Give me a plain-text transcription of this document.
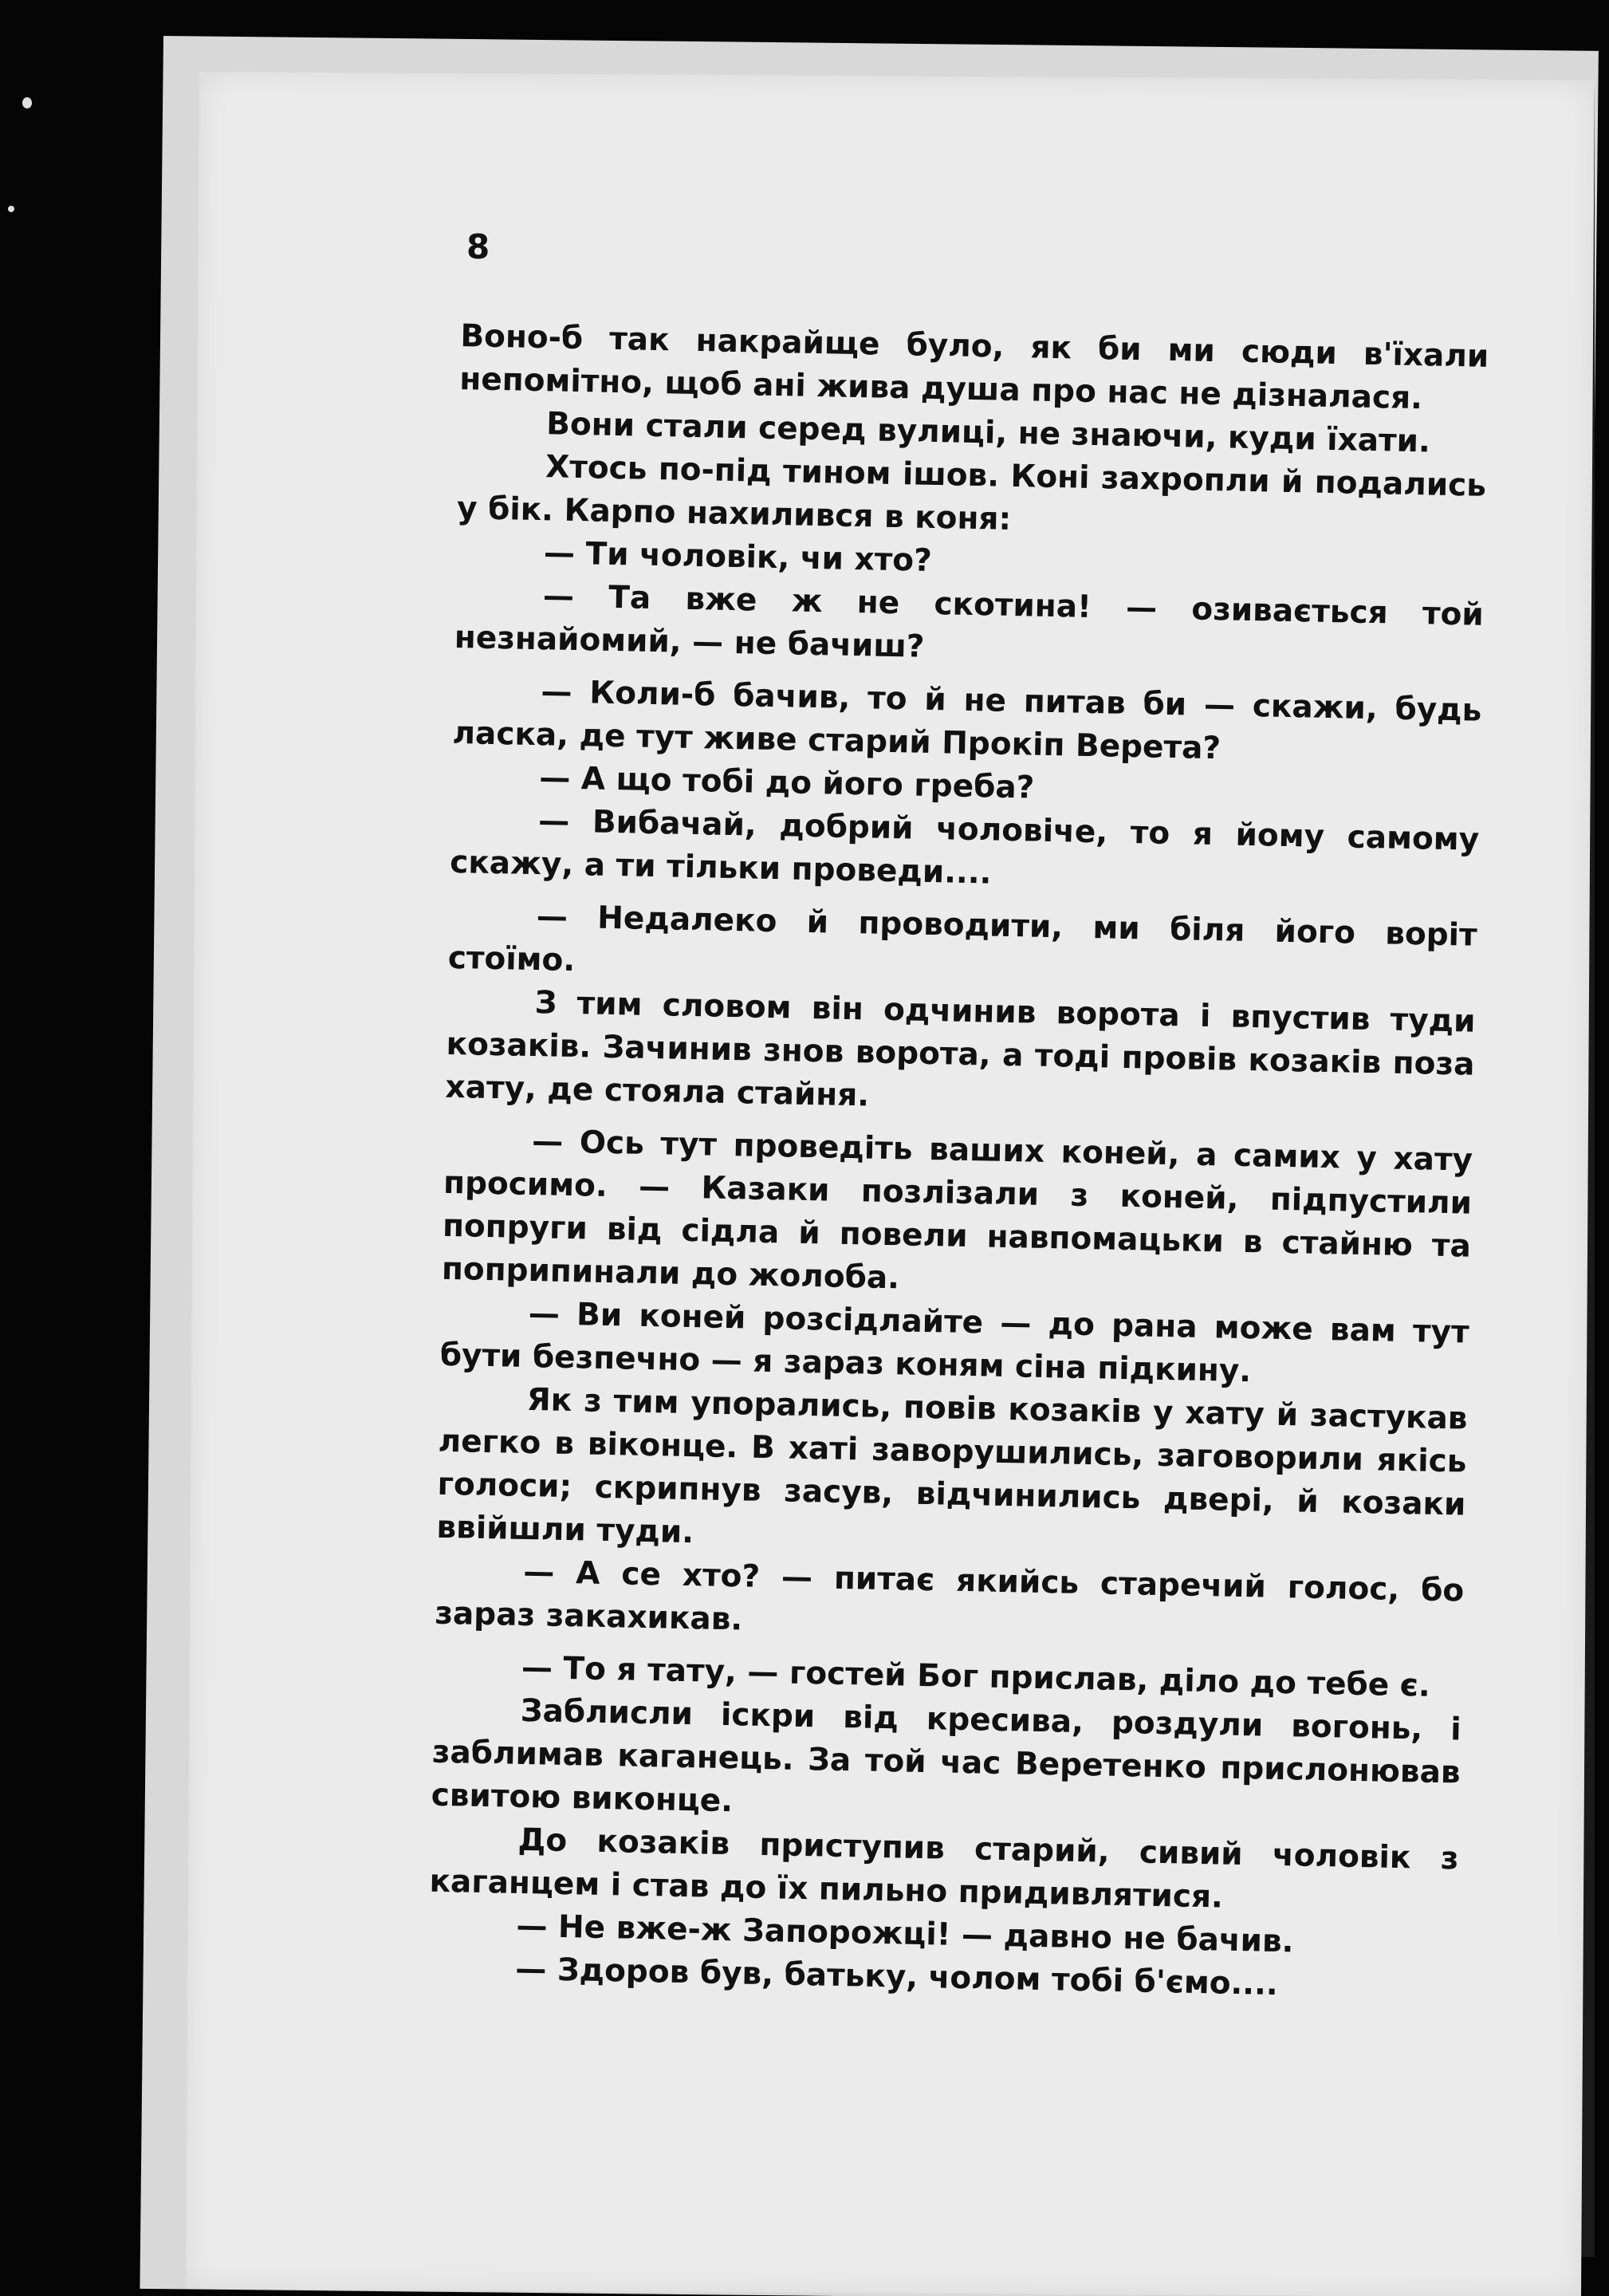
8

Воно-б так накрайще було, як би ми сюди в'їхали непомітно, щоб ані жива душа про нас не дізналася.

Вони стали серед вулиці, не знаючи, куди їхати.

Хтось по-під тином ішов. Коні захропли й подались у бік. Карпо нахилився в коня:

— Ти чоловік, чи хто?

— Та вже ж не скотина! — озивається той незнайомий, — не бачиш?

— Коли-б бачив, то й не питав би — скажи, будь ласка, де тут живе старий Прокіп Верета?

— А що тобі до його греба?

— Вибачай, добрий чоловіче, то я йому самому скажу, а ти тільки проведи....

— Недалеко й проводити, ми біля його воріт стоїмо.

З тим словом він одчинив ворота і впустив туди козаків. Зачинив знов ворота, а тоді провів козаків поза хату, де стояла стайня.

— Ось тут проведіть ваших коней, а самих у хату просимо. — Казаки позлізали з коней, підпустили попруги від сідла й повели навпомацьки в стайню та поприпинали до жолоба.

— Ви коней розсідлайте — до рана може вам тут бути безпечно — я зараз коням сіна підкину.

Як з тим упорались, повів козаків у хату й застукав легко в віконце. В хаті заворушились, заговорили якісь голоси; скрипнув засув, відчинились двері, й козаки ввійшли туди.

— А се хто? — питає якийсь старечий голос, бо зараз закахикав.

— То я тату, — гостей Бог прислав, діло до тебе є.

Заблисли іскри від кресива, роздули вогонь, і заблимав каганець. За той час Веретенко прислонював свитою виконце.

До козаків приступив старий, сивий чоловік з каганцем і став до їх пильно придивлятися.

— Не вже-ж Запорожці! — давно не бачив.

— Здоров був, батьку, чолом тобі б'ємо....
